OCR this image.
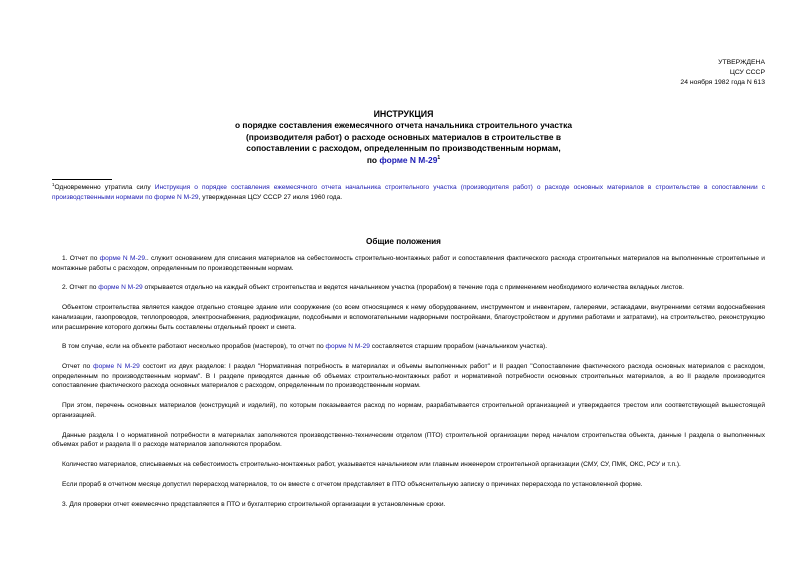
УТВЕРЖДЕНА
ЦСУ СССР
24 ноября 1982 года N 613
ИНСТРУКЦИЯ
о порядке составления ежемесячного отчета начальника строительного участка
(производителя работ) о расходе основных материалов в строительстве в
сопоставлении с расходом, определенным по производственным нормам,
по форме N $М-29^1$
$^1$Одновременно утратила силу Инструкция о порядке составления ежемесячного отчета начальника строительного участка (производителя работ) о расходе основных материалов в строительстве в сопоставлении с производственными нормами по форме N М-29, утвержденная ЦСУ СССР 27 июля 1960 года.
Общие положения

1. Отчет по форме N М-29.. служит основанием для списания материалов на себестоимость строительно-монтажных работ и сопоставления фактического расхода строительных материалов на выполненные строительные и монтажные работы с расходом, определенным по производственным нормам.

2. Отчет по форме N М-29 открывается отдельно на каждый объект строительства и ведется начальником участка (прорабом) в течение года с применением необходимого количества вкладных листов.

Объектом строительства является каждое отдельно стоящее здание или сооружение (со всем относящимся к нему оборудованием, инструментом и инвентарем, галереями, эстакадами, внутренними сетями водоснабжения канализации, газопроводов, теплопроводов, электроснабжения, радиофикации, подсобными и вспомогательными надворными постройками, благоустройством и другими работами и затратами), на строительство, реконструкцию или расширение которого должны быть составлены отдельный проект и смета.

В том случае, если на объекте работают несколько прорабов (мастеров), то отчет по форме N М-29 составляется старшим прорабом (начальником участка).

Отчет по форме N М-29 состоит из двух разделов: I раздел "Нормативная потребность в материалах и объемы выполненных работ" и II раздел "Сопоставление фактического расхода основных материалов с расходом, определенным по производственным нормам". В I разделе приводятся данные об объемах строительно-монтажных работ и нормативной потребности основных строительных материалов, а во II разделе производится сопоставление фактического расхода основных материалов с расходом, определенным по производственным нормам.

При этом, перечень основных материалов (конструкций и изделий), по которым показывается расход по нормам, разрабатывается строительной организацией и утверждается трестом или соответствующей вышестоящей организацией.

Данные раздела I о нормативной потребности в материалах заполняются производственно-техническим отделом (ПТО) строительной организации перед началом строительства объекта, данные I раздела о выполненных объемах работ и раздела II о расходе материалов заполняются прорабом.

Количество материалов, списываемых на себестоимость строительно-монтажных работ, указывается начальником или главным инженером строительной организации (СМУ, СУ, ПМК, ОКС, РСУ и т.п.).

Если прораб в отчетном месяце допустил перерасход материалов, то он вместе с отчетом представляет в ПТО объяснительную записку о причинах перерасхода по установленной форме.

3. Для проверки отчет ежемесячно представляется в ПТО и бухгалтерию строительной организации в установленные сроки.
